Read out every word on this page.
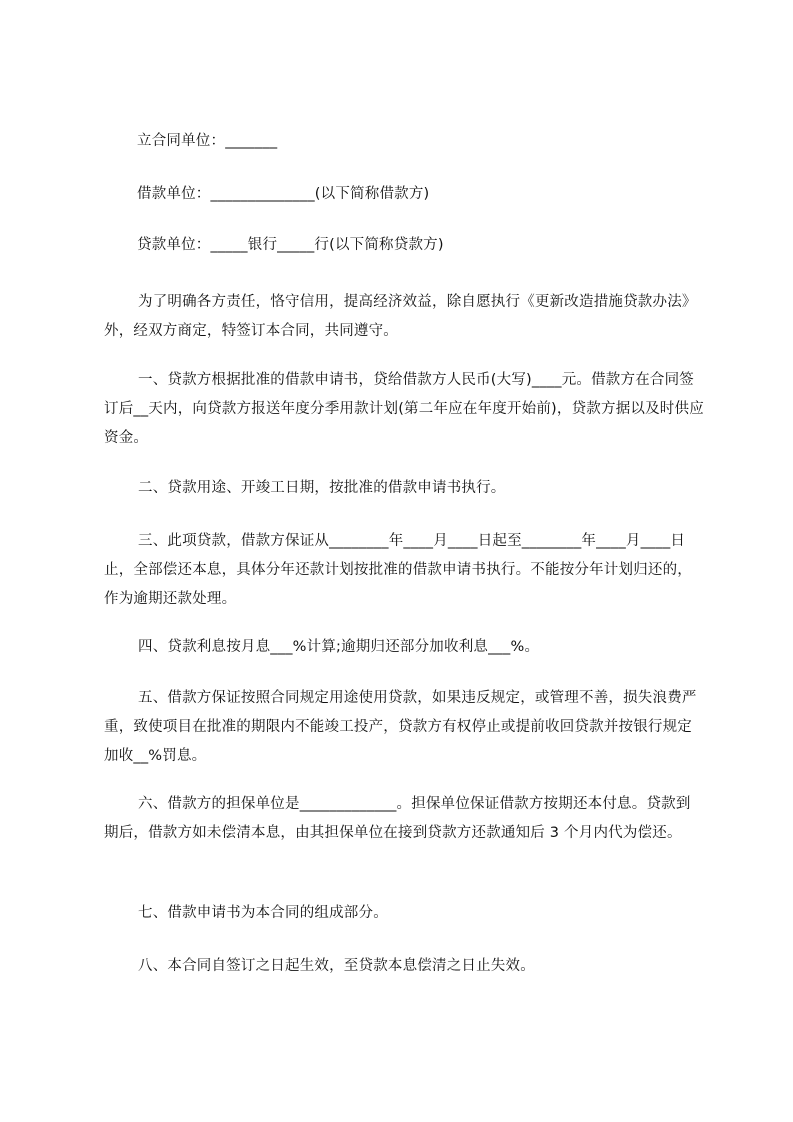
立合同单位：_______

借款单位：______________(以下简称借款方)

贷款单位：_____银行_____行(以下简称贷款方)

为了明确各方责任，恪守信用，提高经济效益，除自愿执行《更新改造措施贷款办法》外，经双方商定，特签订本合同，共同遵守。

一、贷款方根据批准的借款申请书，贷给借款方人民币(大写)____元。借款方在合同签订后__天内，向贷款方报送年度分季用款计划(第二年应在年度开始前)，贷款方据以及时供应资金。

二、贷款用途、开竣工日期，按批准的借款申请书执行。

三、此项贷款，借款方保证从________年____月____日起至________年____月____日止，全部偿还本息，具体分年还款计划按批准的借款申请书执行。不能按分年计划归还的，作为逾期还款处理。

四、贷款利息按月息___%计算;逾期归还部分加收利息___%。

五、借款方保证按照合同规定用途使用贷款，如果违反规定，或管理不善，损失浪费严重，致使项目在批准的期限内不能竣工投产，贷款方有权停止或提前收回贷款并按银行规定加收__%罚息。

六、借款方的担保单位是_____________。担保单位保证借款方按期还本付息。贷款到期后，借款方如未偿清本息，由其担保单位在接到贷款方还款通知后 3 个月内代为偿还。

七、借款申请书为本合同的组成部分。

八、本合同自签订之日起生效，至贷款本息偿清之日止失效。
